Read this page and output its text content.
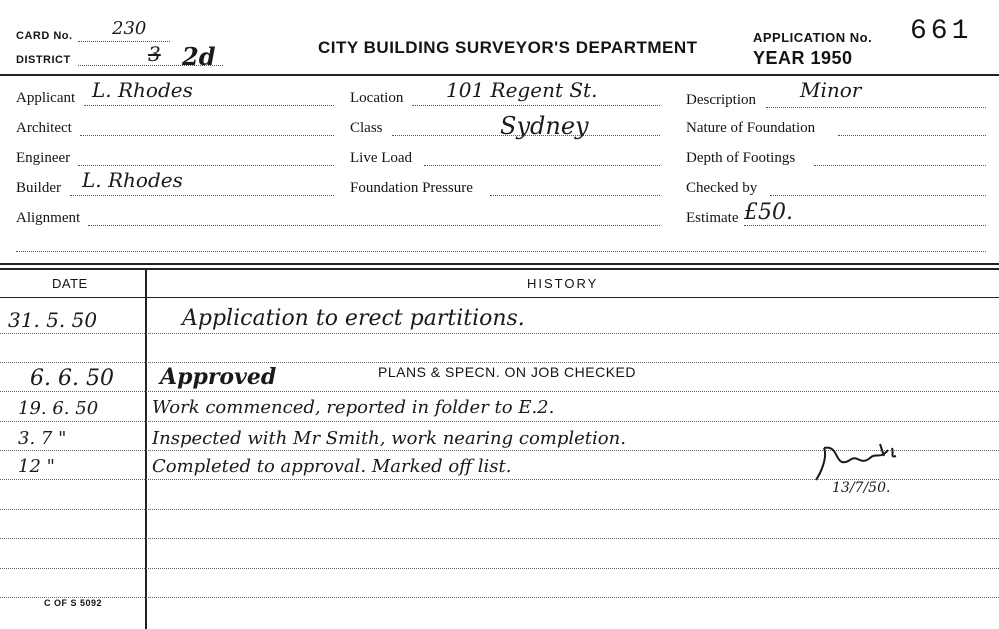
CARD No. 230
DISTRICT	3 2d	CITY BUILDING SURVEYOR'S DEPARTMENT
APPLICATION No. 661
YEAR 1950
Applicant L. Rhodes
Architect
Engineer
Builder L. Rhodes
Alignment
Location 101 Regent St.
Class	Sydney
Live Load
Foundation Pressure
Description Minor
Nature of Foundation
Depth of Footings
Checked by
Estimate £50.
DATE	HISTORY
31. 5. 50	Application to erect partitions.
6. 6. 50 Approved	PLANS & SPECN. ON JOB CHECKED
19. 6. 50	Work commenced, reported in folder to E.2.
3. 7 "	Inspected with Mr Smith, work nearing completion.
12 "	Completed to approval. Marked off list.
13/7/50.
C OF S 5092
